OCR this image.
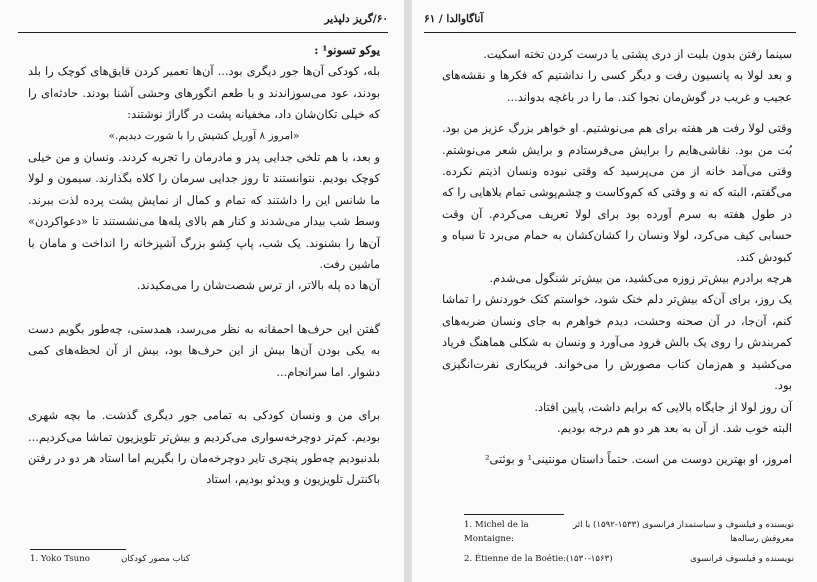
۶۰/گریز دلپذیر

یوکو تسونو¹ :

بله، کودکی آن‌ها جور دیگری بود... آن‌ها تعمیر کردن قایق‌های کوچک را بلد بودند، عود می‌سوزاندند و با طعم انگورهای وحشی آشنا بودند. حادثه‌ای را که خیلی تکان‌شان داد، مخفیانه پشت در گاراژ نوشتند:

«امروز ۸ آوریل کشیش را با شورت دیدیم.»

و بعد، با هم تلخی جدایی پدر و مادرمان را تجربه کردند. ونسان و من خیلی کوچک بودیم. نتوانستند تا روز جدایی سرمان را کلاه بگذارند. سیمون و لولا ما شانس این را داشتند که تمام و کمال از نمایش پشت پرده لذت ببرند. وسط شب بیدار می‌شدند و کنار هم بالای پله‌ها می‌نشستند تا «دعواکردن» آن‌ها را بشنوند. یک شب، پاپ کِشو بزرگ آشپزخانه را انداخت و مامان با ماشین رفت.

آن‌ها ده پله بالاتر، از ترس شصت‌شان را می‌مکیدند.

گفتن این حرف‌ها احمقانه به نظر می‌رسد، همدستی، چه‌طور بگویم دست به یکی بودن آن‌ها بیش از این حرف‌ها بود، بیش از آن لحظه‌های کمی دشوار. اما سرانجام...

برای من و ونسان کودکی به تمامی جور دیگری گذشت. ما بچه شهری بودیم. کم‌تر دوچرخه‌سواری می‌کردیم و بیش‌تر تلویزیون تماشا می‌کردیم... بلدنبودیم چه‌طور پنچری تایر دوچرخه‌مان را بگیریم اما استاد هر دو در رفتن باکنترل تلویزیون و ویدئو بودیم، استاد

1. Yoko Tsuno	کتاب مصور کودکان
آناگاوالدا / ۶۱

سینما رفتن بدون بلیت از دری پشتی یا درست کردن تخته اسکیت.

و بعد لولا به پانسیون رفت و دیگر کسی را نداشتیم که فکرها و نقشه‌های عجیب و غریب در گوش‌مان نجوا کند. ما را در باغچه بدواند...

وقتی لولا رفت هر هفته برای هم می‌نوشتیم. او خواهر بزرگ عزیز من بود. بُت من بود. نقاشی‌هایم را برایش می‌فرستادم و برایش شعر می‌نوشتم. وقتی می‌آمد خانه از من می‌پرسید که وقتی نبوده ونسان اذیتم نکرده. می‌گفتم، البته که نه و وقتی که کم‌وکاست و چشم‌پوشی تمام بلاهایی را که در طول هفته به سرم آورده بود برای لولا تعریف می‌کردم. آن وقت حسابی کیف می‌کرد، لولا ونسان را کشان‌کشان به حمام می‌برد تا سیاه و کبودش کند.

هرچه برادرم بیش‌تر زوزه می‌کشید، من بیش‌تر شنگول می‌شدم.

یک روز، برای آن‌که بیش‌تر دلم خنک شود، خواستم کتک خوردنش را تماشا کنم، آن‌جا، در آن صحنه وحشت، دیدم خواهرم به جای ونسان ضربه‌های کمربندش را روی یک بالش فرود می‌آورد و ونسان به شکلی هماهنگ فریاد می‌کشید و هم‌زمان کتاب مصورش را می‌خواند. فریبکاری نفرت‌انگیزی بود.

آن روز لولا از جایگاه بالایی که برایم داشت، پایین افتاد.

البته خوب شد. از آن به بعد هر دو هم درجه بودیم.

امروز، او بهترین دوست من است. حتماً داستان مونتینی¹ و بوئتی²

1. Michel de la Montaigne:
نویسنده و فیلسوف و سیاستمدار فرانسوی (۱۵۳۳-۱۵۹۲) با اثر معروفش رساله‌ها
2. Étienne de la Boétie:(۱۵۳۰-۱۵۶۳)	نویسنده و فیلسوف فرانسوی
